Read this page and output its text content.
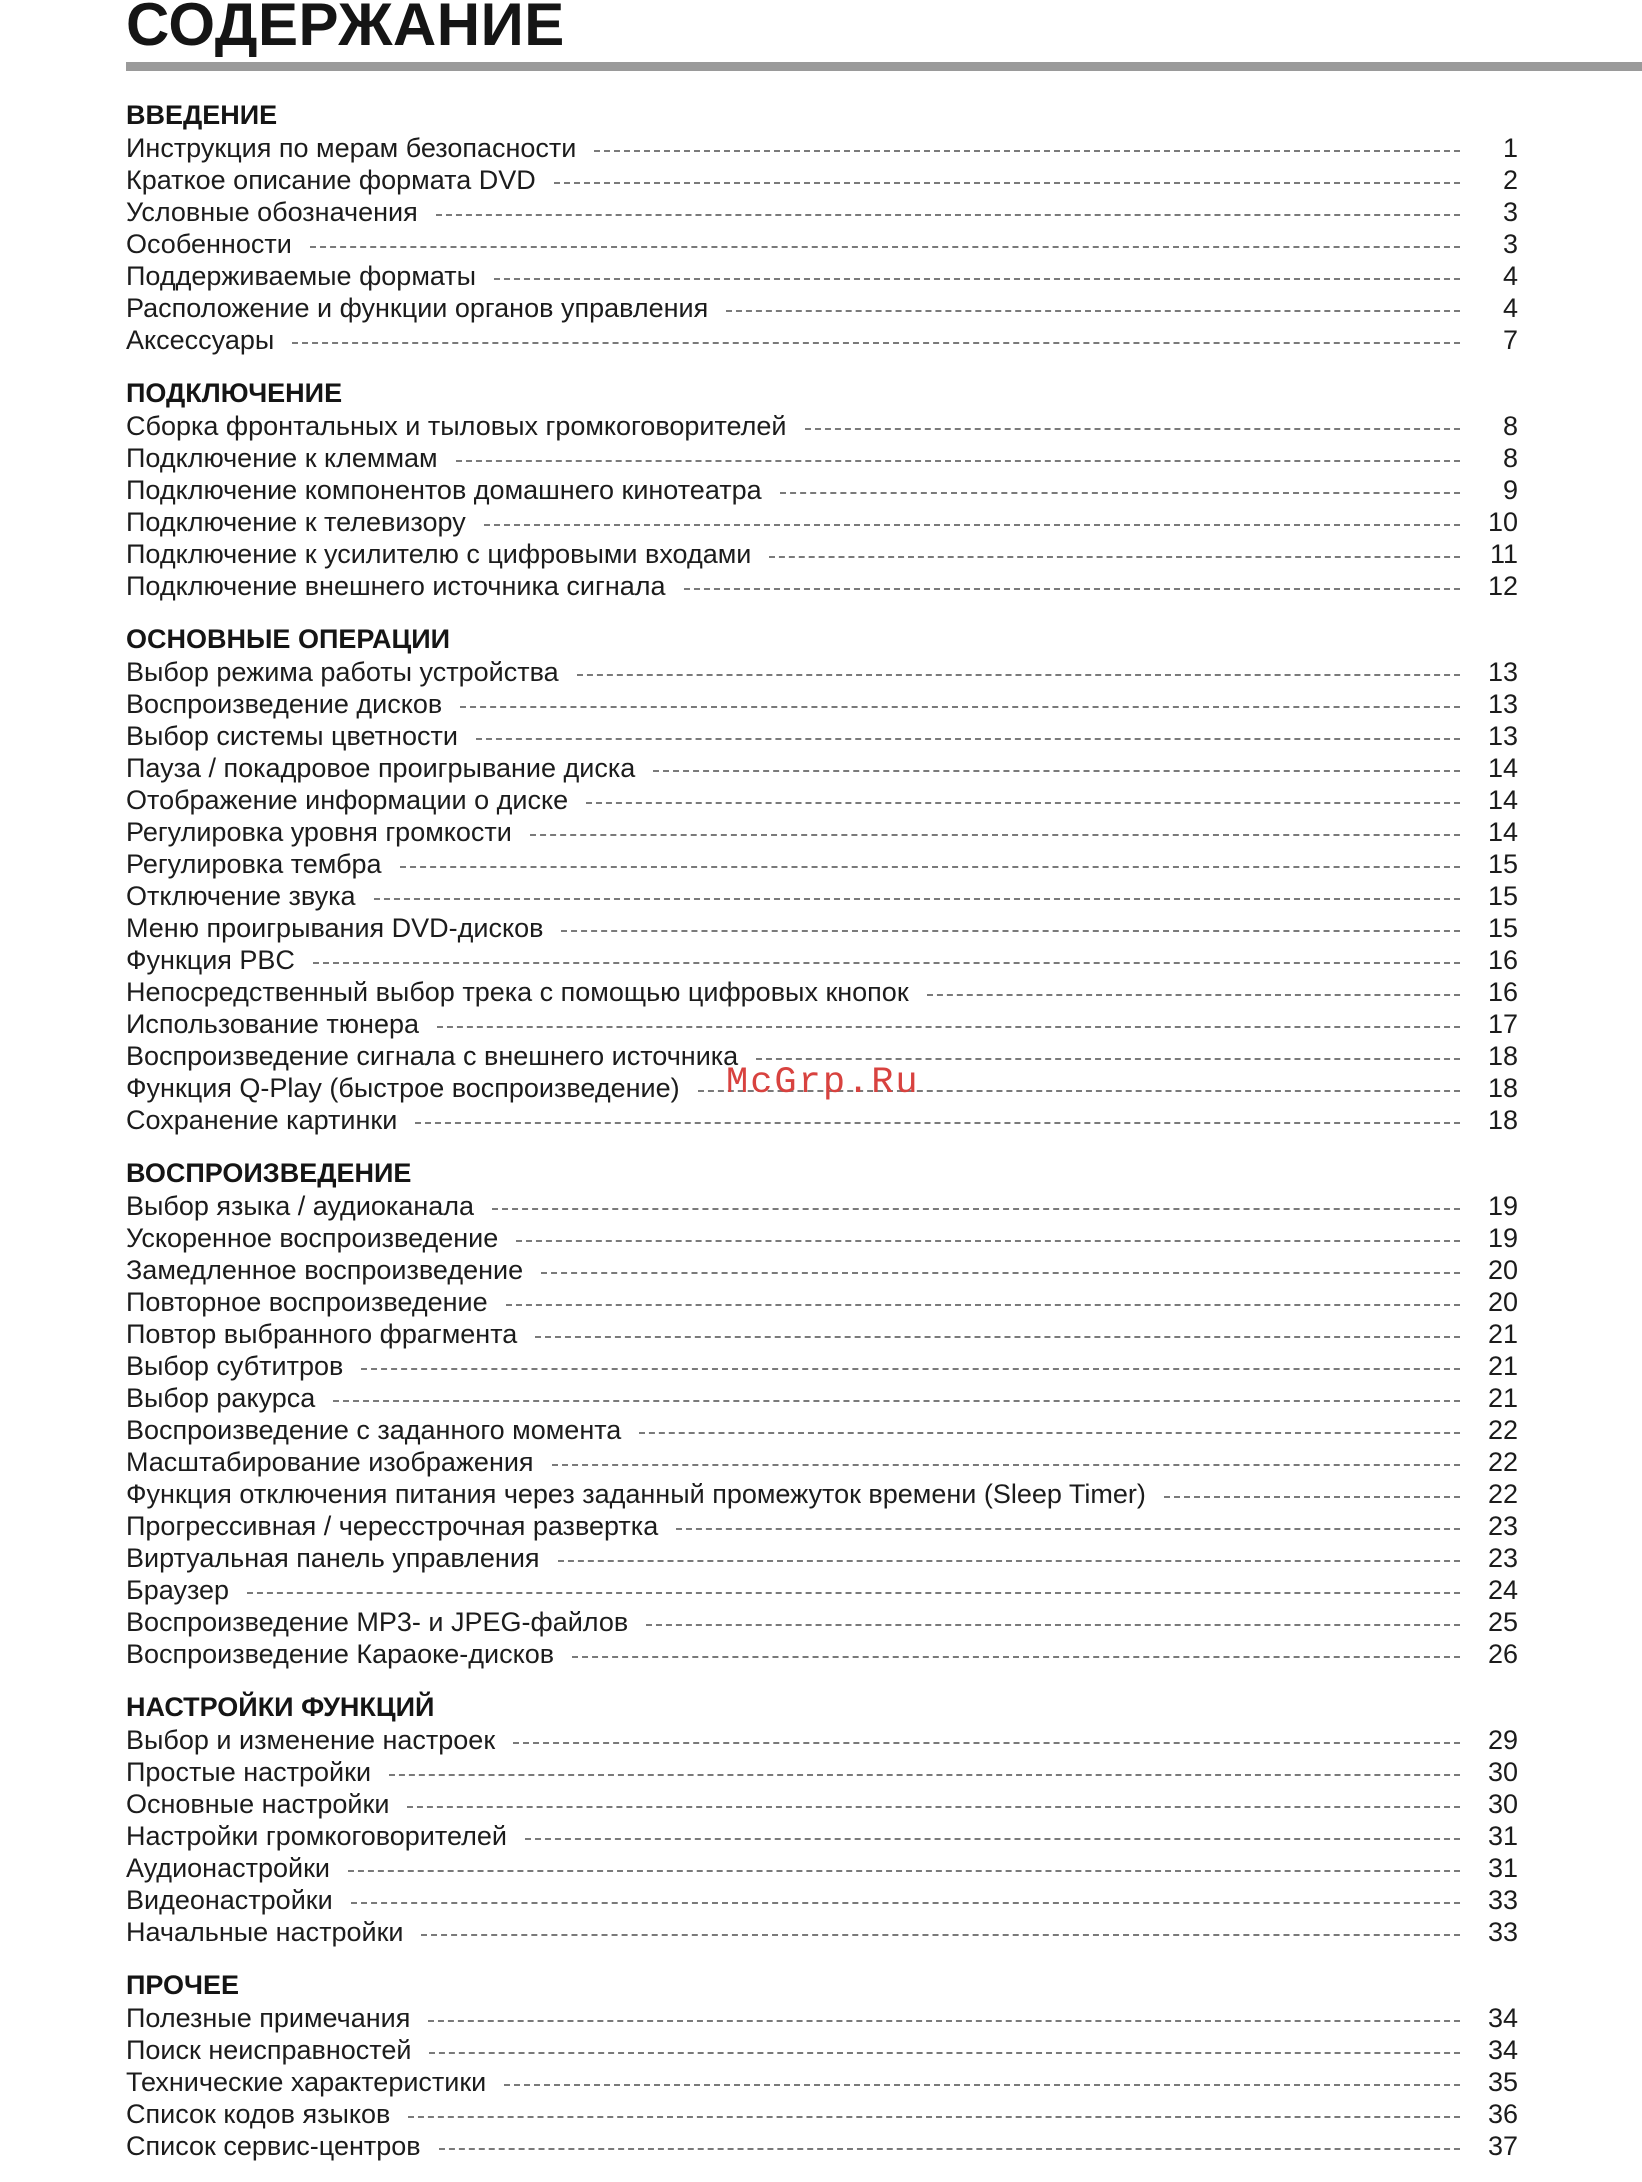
СОДЕРЖАНИЕ
ВВЕДЕНИЕ
Инструкция по мерам безопасности	1
Краткое описание формата DVD	2
Условные обозначения	3
Особенности	3
Поддерживаемые форматы	4
Расположение и функции органов управления	4
Аксессуары	7
ПОДКЛЮЧЕНИЕ
Сборка фронтальных и тыловых громкоговорителей	8
Подключение к клеммам	8
Подключение компонентов домашнего кинотеатра	9
Подключение к телевизору	10
Подключение к усилителю с цифровыми входами	11
Подключение внешнего источника сигнала	12
ОСНОВНЫЕ ОПЕРАЦИИ
Выбор режима работы устройства	13
Воспроизведение дисков	13
Выбор системы цветности	13
Пауза / покадровое проигрывание диска	14
Отображение информации о диске	14
Регулировка уровня громкости	14
Регулировка тембра	15
Отключение звука	15
Меню проигрывания DVD-дисков	15
Функция PBC	16
Непосредственный выбор трека с помощью цифровых кнопок	16
Использование тюнера	17
Воспроизведение сигнала с внешнего источника	18
Функция Q-Play (быстрое воспроизведение)	18
Сохранение картинки	18
ВОСПРОИЗВЕДЕНИЕ
Выбор языка / аудиоканала	19
Ускоренное воспроизведение	19
Замедленное воспроизведение	20
Повторное воспроизведение	20
Повтор выбранного фрагмента	21
Выбор субтитров	21
Выбор ракурса	21
Воспроизведение с заданного момента	22
Масштабирование изображения	22
Функция отключения питания через заданный промежуток времени (Sleep Timer)	22
Прогрессивная / чересстрочная развертка	23
Виртуальная панель управления	23
Браузер	24
Воспроизведение MP3- и JPEG-файлов	25
Воспроизведение Караоке-дисков	26
НАСТРОЙКИ ФУНКЦИЙ
Выбор и изменение настроек	29
Простые настройки	30
Основные настройки	30
Настройки громкоговорителей	31
Аудионастройки	31
Видеонастройки	33
Начальные настройки	33
ПРОЧЕЕ
Полезные примечания	34
Поиск неисправностей	34
Технические характеристики	35
Список кодов языков	36
Список сервис-центров	37
McGrp.Ru
